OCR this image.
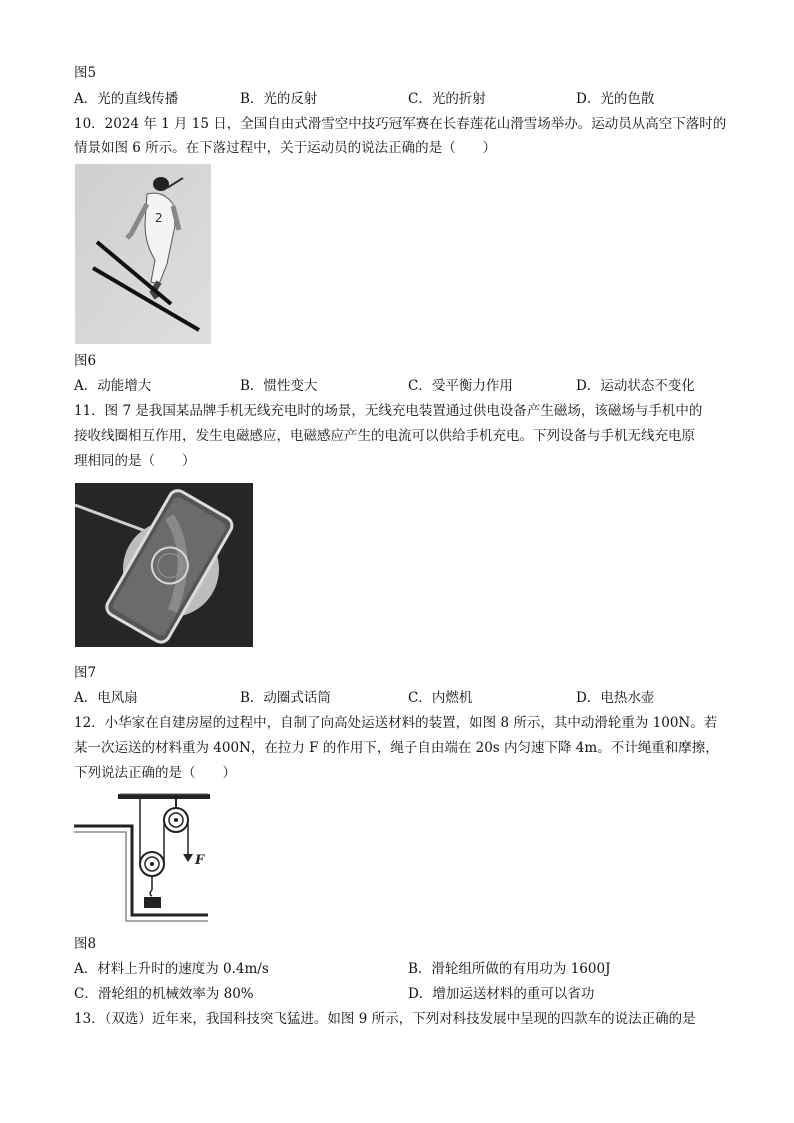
图5
A．光的直线传播	B．光的反射	C．光的折射	D．光的色散
10．2024 年 1 月 15 日，全国自由式滑雪空中技巧冠军赛在长春莲花山滑雪场举办。运动员从高空下落时的
情景如图 6 所示。在下落过程中，关于运动员的说法正确的是（　　）
2
图6
A．动能增大	B．惯性变大	C．受平衡力作用	D．运动状态不变化
11．图 7 是我国某品牌手机无线充电时的场景，无线充电装置通过供电设备产生磁场，该磁场与手机中的
接收线圈相互作用，发生电磁感应，电磁感应产生的电流可以供给手机充电。下列设备与手机无线充电原
理相同的是（　　）
图7
A．电风扇	B．动圈式话筒	C．内燃机	D．电热水壶
12．小华家在自建房屋的过程中，自制了向高处运送材料的装置，如图 8 所示，其中动滑轮重为 100N。若
某一次运送的材料重为 400N，在拉力 F 的作用下，绳子自由端在 20s 内匀速下降 4m。不计绳重和摩擦，
下列说法正确的是（　　）
F
图8
A．材料上升时的速度为 0.4m/s	B．滑轮组所做的有用功为 1600J
C．滑轮组的机械效率为 80%	D．增加运送材料的重可以省功
13．（双选）近年来，我国科技突飞猛进。如图 9 所示，下列对科技发展中呈现的四款车的说法正确的是
